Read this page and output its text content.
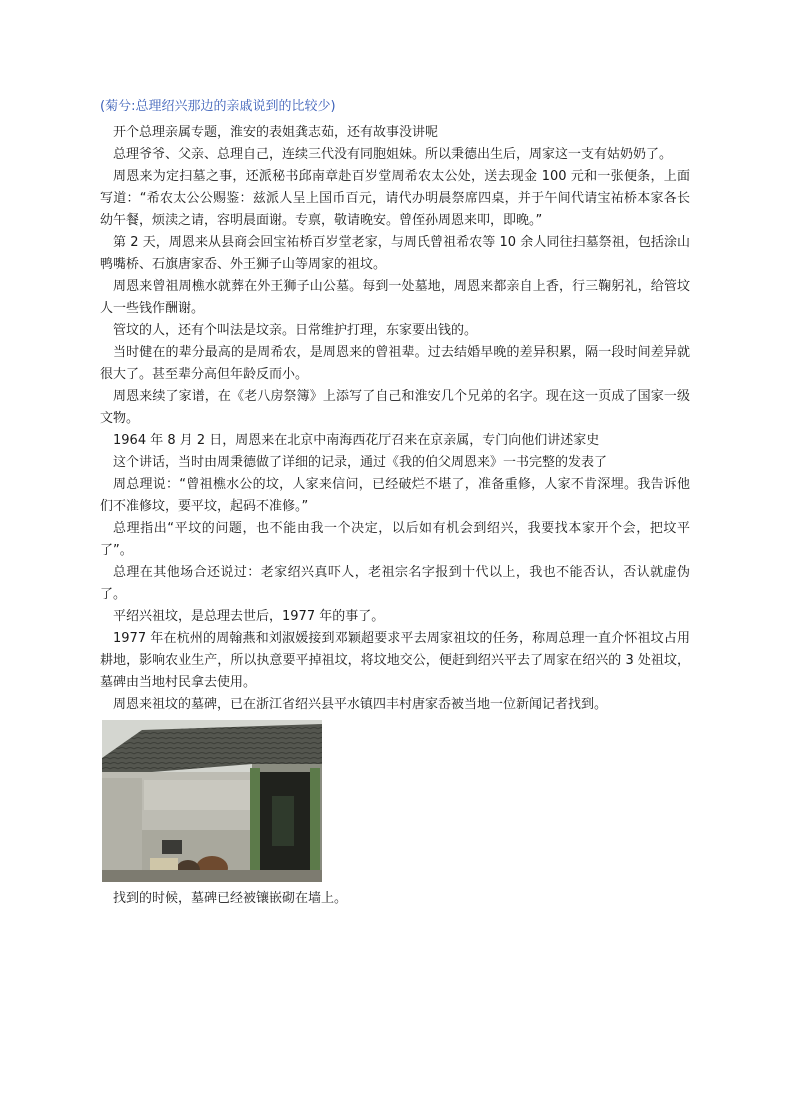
(菊兮:总理绍兴那边的亲戚说到的比较少)

开个总理亲属专题，淮安的表姐龚志茹，还有故事没讲呢

总理爷爷、父亲、总理自己，连续三代没有同胞姐妹。所以秉德出生后，周家这一支有姑奶奶了。

周恩来为定扫墓之事，还派秘书邱南章赴百岁堂周希农太公处，送去现金 100 元和一张便条，上面写道：“希农太公公赐鉴：兹派人呈上国币百元，请代办明晨祭席四桌，并于午间代请宝祐桥本家各长幼午餐，烦渎之请，容明晨面谢。专禀，敬请晚安。曾侄孙周恩来叩，即晚。”

第 2 天，周恩来从县商会回宝祐桥百岁堂老家，与周氏曾祖希农等 10 余人同往扫墓祭祖，包括涂山鸭嘴桥、石旗唐家岙、外王狮子山等周家的祖坟。

周恩来曾祖周樵水就葬在外王狮子山公墓。每到一处墓地，周恩来都亲自上香，行三鞠躬礼，给管坟人一些钱作酬谢。

管坟的人，还有个叫法是坟亲。日常维护打理，东家要出钱的。

当时健在的辈分最高的是周希农，是周恩来的曾祖辈。过去结婚早晚的差异积累，隔一段时间差异就很大了。甚至辈分高但年龄反而小。

周恩来续了家谱，在《老八房祭簿》上添写了自己和淮安几个兄弟的名字。现在这一页成了国家一级文物。

1964 年 8 月 2 日，周恩来在北京中南海西花厅召来在京亲属，专门向他们讲述家史

这个讲话，当时由周秉德做了详细的记录，通过《我的伯父周恩来》一书完整的发表了

周总理说：“曾祖樵水公的坟，人家来信问，已经破烂不堪了，准备重修，人家不肯深埋。我告诉他们不准修坟，要平坟，起码不准修。”

总理指出“平坟的问题，也不能由我一个决定，以后如有机会到绍兴，我要找本家开个会，把坟平了”。

总理在其他场合还说过：老家绍兴真吓人，老祖宗名字报到十代以上，我也不能否认，否认就虚伪了。

平绍兴祖坟，是总理去世后，1977 年的事了。

1977 年在杭州的周翰燕和刘淑媛接到邓颖超要求平去周家祖坟的任务，称周总理一直介怀祖坟占用耕地，影响农业生产，所以执意要平掉祖坟，将坟地交公，便赶到绍兴平去了周家在绍兴的 3 处祖坟，墓碑由当地村民拿去使用。

周恩来祖坟的墓碑，已在浙江省绍兴县平水镇四丰村唐家岙被当地一位新闻记者找到。

找到的时候，墓碑已经被镶嵌砌在墙上。
